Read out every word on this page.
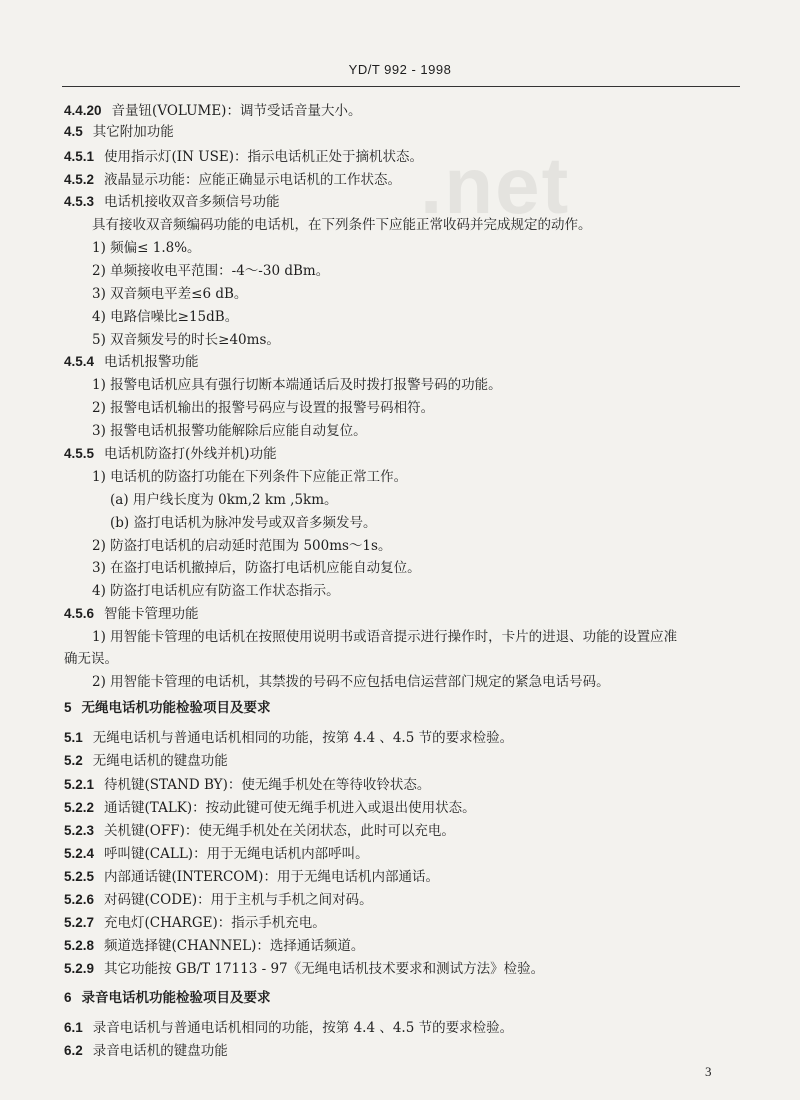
YD/T 992 - 1998
.net
4.4.20 音量钮(VOLUME)：调节受话音量大小。
4.5 其它附加功能
4.5.1 使用指示灯(IN USE)：指示电话机正处于摘机状态。
4.5.2 液晶显示功能：应能正确显示电话机的工作状态。
4.5.3 电话机接收双音多频信号功能
具有接收双音频编码功能的电话机，在下列条件下应能正常收码并完成规定的动作。
1) 频偏≤ 1.8%。
2) 单频接收电平范围：-4～-30 dBm。
3) 双音频电平差≤6 dB。
4) 电路信噪比≥15dB。
5) 双音频发号的时长≥40ms。
4.5.4 电话机报警功能
1) 报警电话机应具有强行切断本端通话后及时拨打报警号码的功能。
2) 报警电话机输出的报警号码应与设置的报警号码相符。
3) 报警电话机报警功能解除后应能自动复位。
4.5.5 电话机防盗打(外线并机)功能
1) 电话机的防盗打功能在下列条件下应能正常工作。
(a) 用户线长度为 0km,2 km ,5km。
(b) 盗打电话机为脉冲发号或双音多频发号。
2) 防盗打电话机的启动延时范围为 500ms～1s。
3) 在盗打电话机撤掉后，防盗打电话机应能自动复位。
4) 防盗打电话机应有防盗工作状态指示。
4.5.6 智能卡管理功能
1) 用智能卡管理的电话机在按照使用说明书或语音提示进行操作时，卡片的进退、功能的设置应准
确无误。
2) 用智能卡管理的电话机，其禁拨的号码不应包括电信运营部门规定的紧急电话号码。
5 无绳电话机功能检验项目及要求
5.1 无绳电话机与普通电话机相同的功能，按第 4.4 、4.5 节的要求检验。
5.2 无绳电话机的键盘功能
5.2.1 待机键(STAND BY)：使无绳手机处在等待收铃状态。
5.2.2 通话键(TALK)：按动此键可使无绳手机进入或退出使用状态。
5.2.3 关机键(OFF)：使无绳手机处在关闭状态，此时可以充电。
5.2.4 呼叫键(CALL)：用于无绳电话机内部呼叫。
5.2.5 内部通话键(INTERCOM)：用于无绳电话机内部通话。
5.2.6 对码键(CODE)：用于主机与手机之间对码。
5.2.7 充电灯(CHARGE)：指示手机充电。
5.2.8 频道选择键(CHANNEL)：选择通话频道。
5.2.9 其它功能按 GB/T 17113 - 97《无绳电话机技术要求和测试方法》检验。
6 录音电话机功能检验项目及要求
6.1 录音电话机与普通电话机相同的功能，按第 4.4 、4.5 节的要求检验。
6.2 录音电话机的键盘功能
3
